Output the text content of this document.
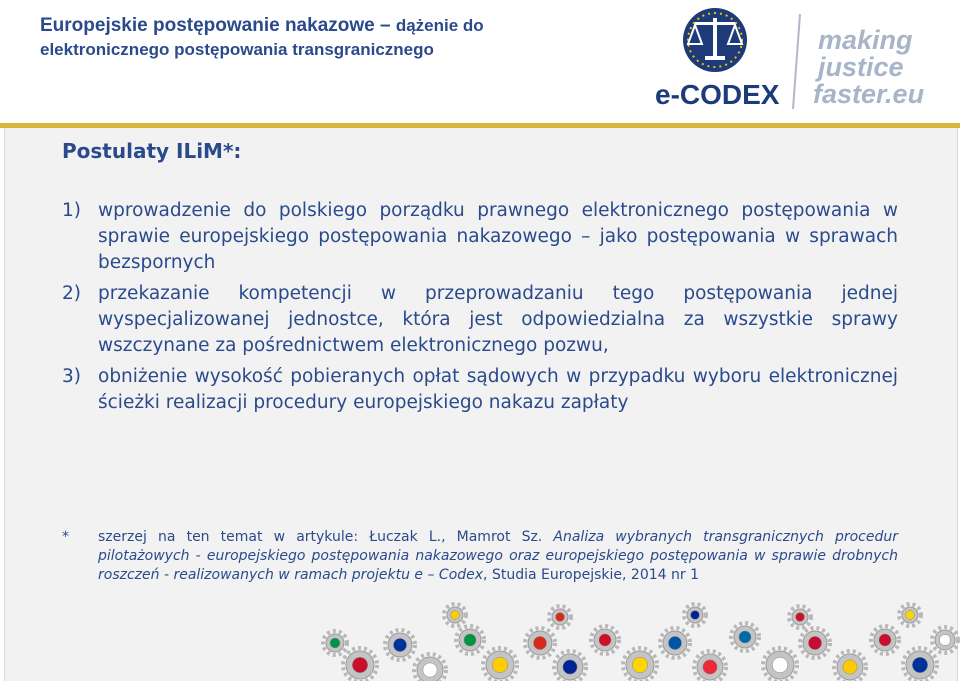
Europejskie postępowanie nakazowe – dążenie do
elektronicznego postępowania transgranicznego
e-CODEX
making
justice
faster.eu
Postulaty ILiM*:
1) wprowadzenie do polskiego porządku prawnego elektronicznego postępowania w sprawie europejskiego postępowania nakazowego – jako postępowania w sprawach bezspornych
2) przekazanie kompetencji w przeprowadzaniu tego postępowania jednej wyspecjalizowanej jednostce, która jest odpowiedzialna za wszystkie sprawy wszczynane za pośrednictwem elektronicznego pozwu,
3) obniżenie wysokość pobieranych opłat sądowych w przypadku wyboru elektronicznej ścieżki realizacji procedury europejskiego nakazu zapłaty
*	szerzej na ten temat w artykule: Łuczak L., Mamrot Sz. Analiza wybranych transgranicznych procedur pilotażowych - europejskiego postępowania nakazowego oraz europejskiego postępowania w sprawie drobnych roszczeń - realizowanych w ramach projektu e – Codex, Studia Europejskie, 2014 nr 1
